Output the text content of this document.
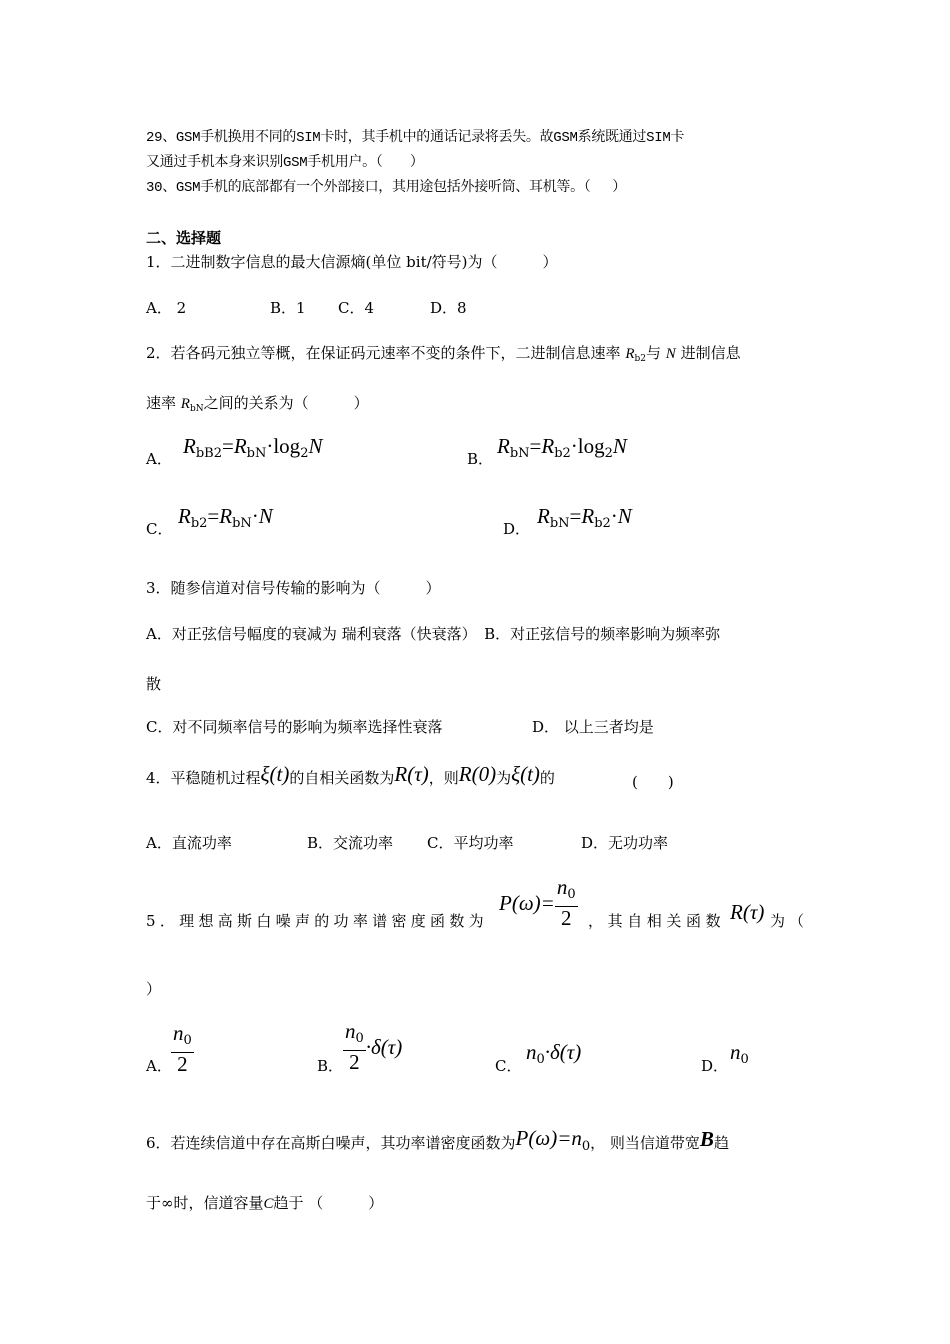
29、GSM手机换用不同的SIM卡时，其手机中的通话记录将丢失。故GSM系统既通过SIM卡
又通过手机本身来识别GSM手机用户。（　　）
30、GSM手机的底部都有一个外部接口，其用途包括外接听筒、耳机等。（　 ）
二、选择题
1．二进制数字信息的最大信源熵(单位 bit/符号)为（　　　）
A． 2	B．1 C．4	D．8
2．若各码元独立等概，在保证码元速率不变的条件下，二进制信息速率 $R_{b2}$与 N 进制信息
速率 $R_{bN}$之间的关系为（　　　）
A．
$R_{bB2}=R_{bN}\cdot\log_2N$
B．
$R_{bN}=R_{b2}\cdot\log_2N$
C．
$R_{b2}=R_{bN}\cdot N$
D．
$R_{bN}=R_{b2}\cdot N$
3．随参信道对信号传输的影响为（　　　）
A．对正弦信号幅度的衰减为 瑞利衰落（快衰落）　B．对正弦信号的频率影响为频率弥
散
C．对不同频率信号的影响为频率选择性衰落	D． 以上三者均是
4．平稳随机过程ξ(t)的自相关函数为R(τ)，则R(0)为ξ(t)的	(　　)
A．直流功率	B．交流功率 C．平均功率	D．无功功率
5．理想高斯白噪声的功率谱密度函数为
$P(\omega)= \frac{n_0}{2}$ ，其自相关函数 R(τ) 为（
）
A． $\frac{n_0}{2}$	B． $\frac{n_0}{2} \cdot\delta(\tau)$
C．
$n_0\cdot\delta(\tau)$
D．
$n_0$
6．若连续信道中存在高斯白噪声，其功率谱密度函数为P(ω)=n0， 则当信道带宽B趋
于∞时，信道容量C趋于 （　　　）
